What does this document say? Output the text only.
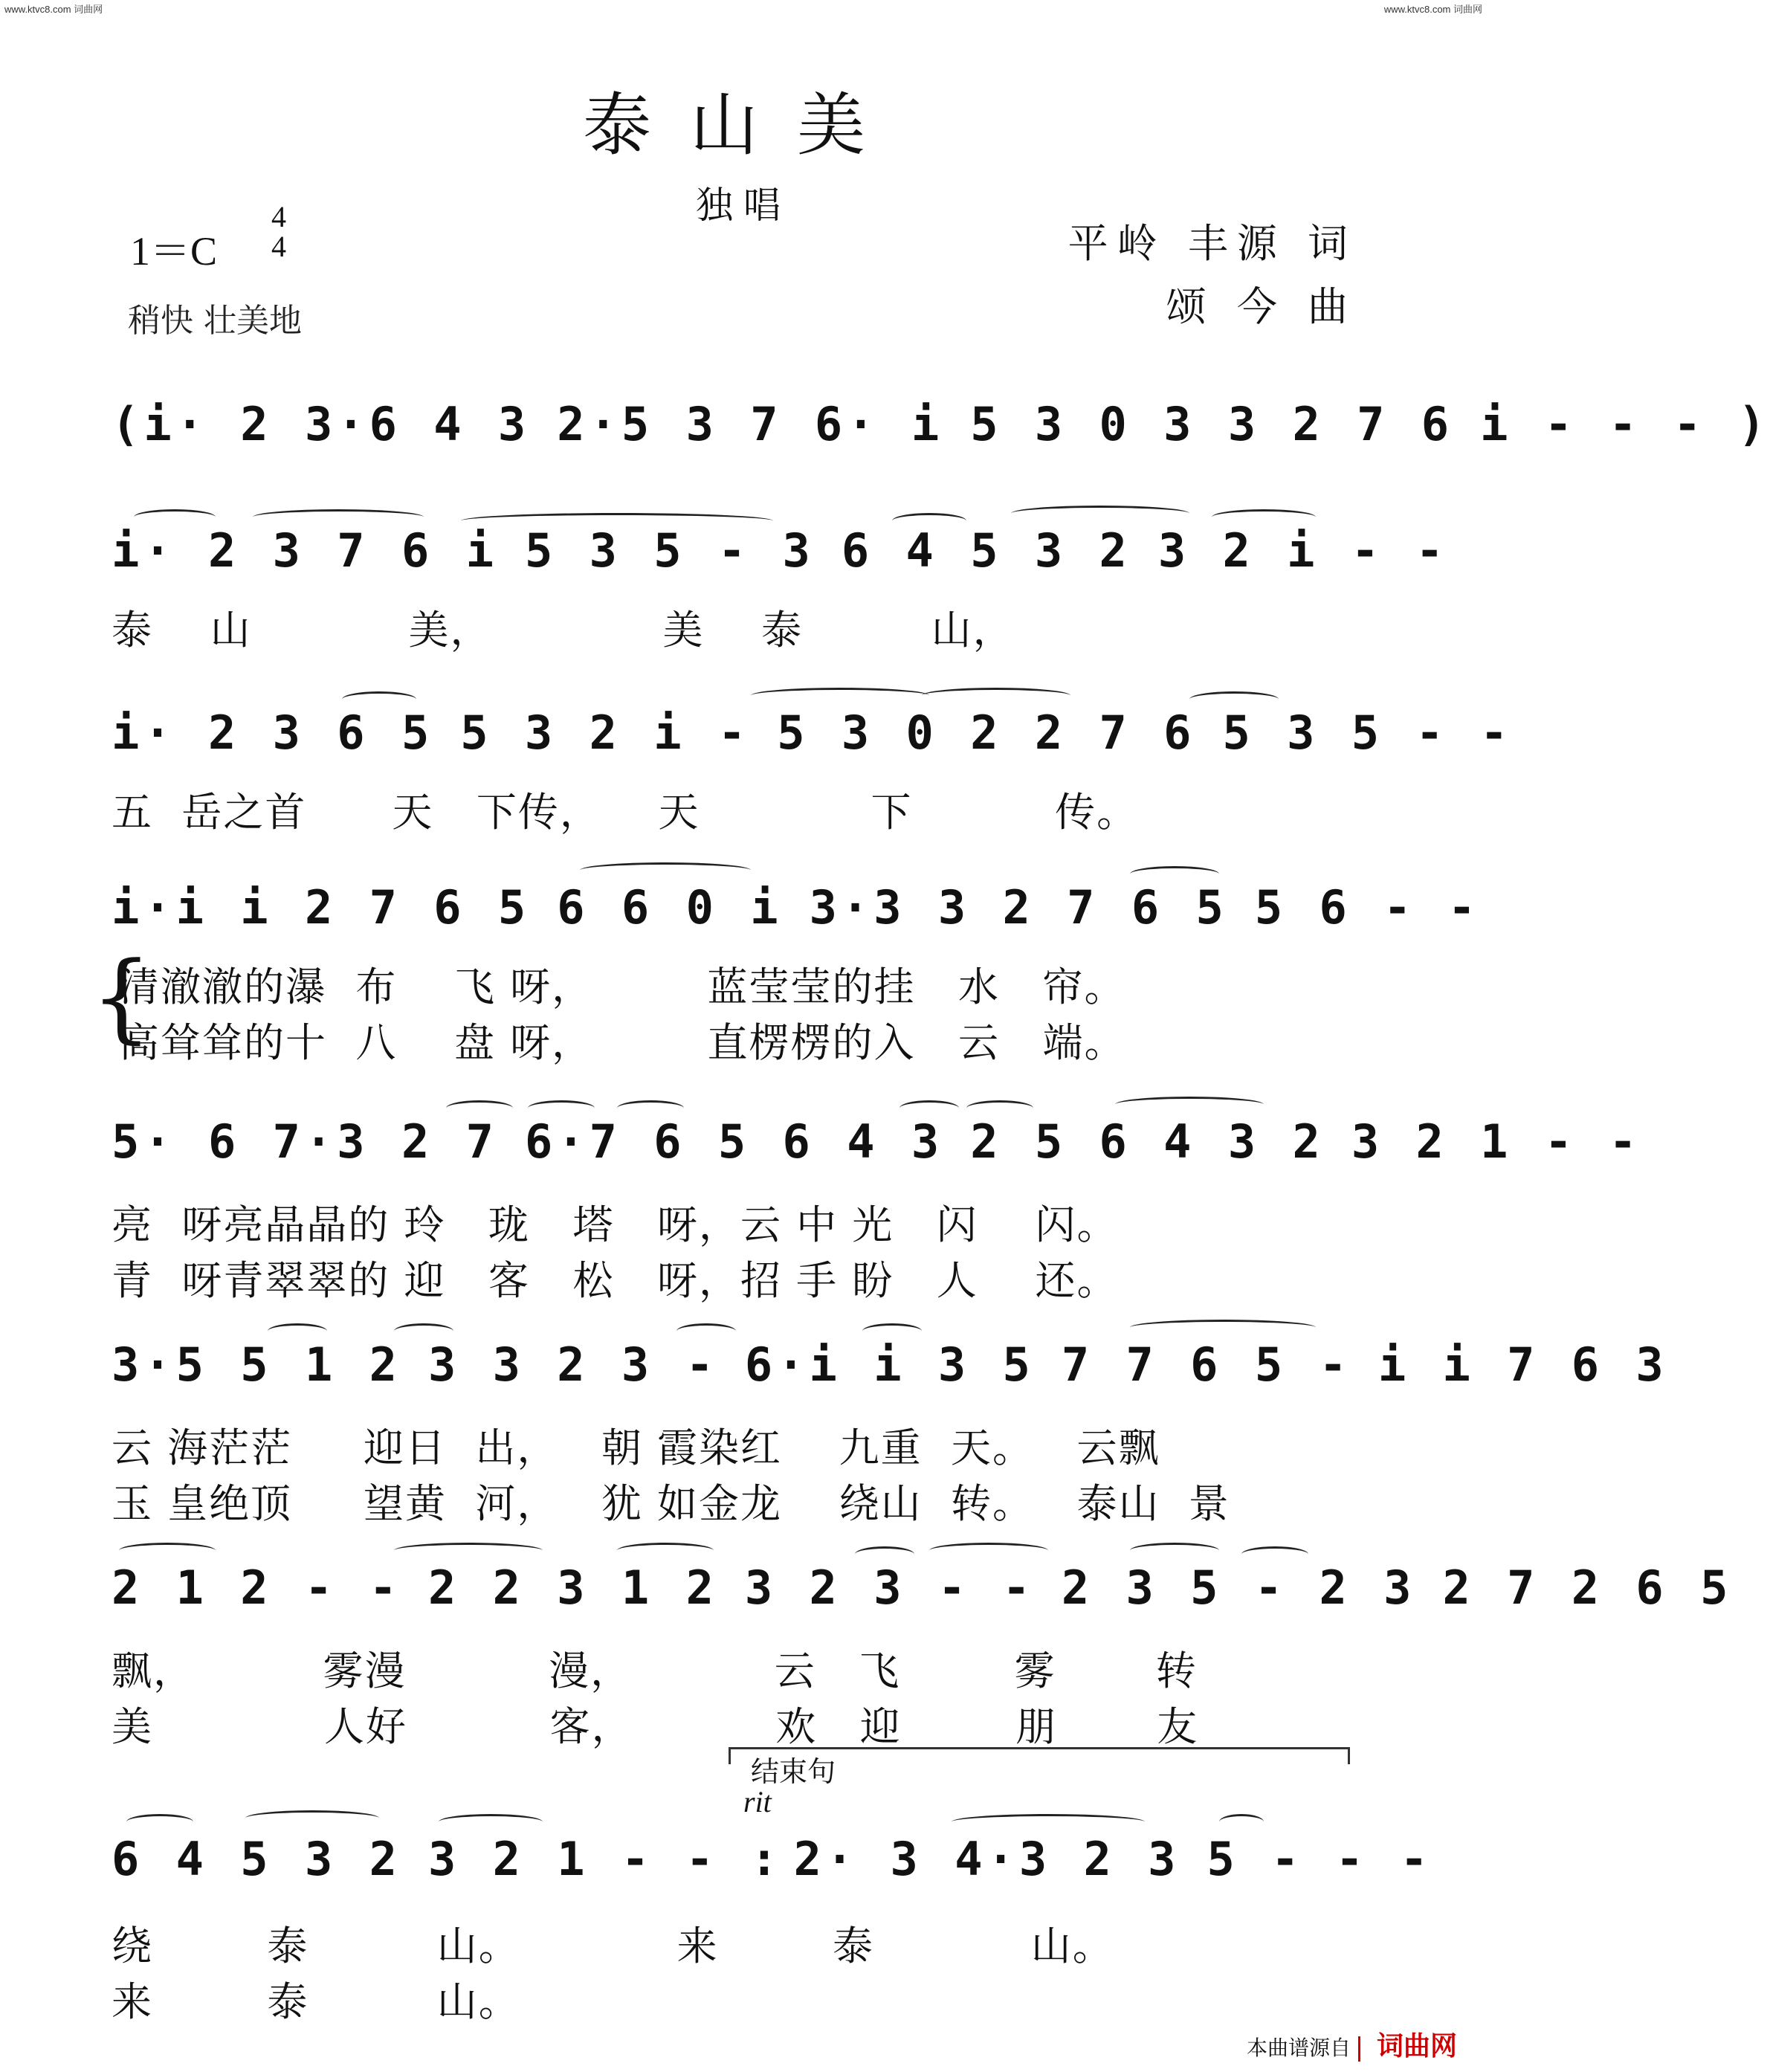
www.ktvc8.com 词曲网	www.ktvc8.com 词曲网
泰山美
独唱
1＝C
4
4
稍快 壮美地
平岭 丰源 词
颂 今 曲
(i· 2 3·6 4 3 2·5 3 7 6· i 5 3 0 3 3 2 7 6 i - - - )
i· 2 3 7 6 i 5 3 5 - 3 6 4 5 3 2 3 2 i - -
泰    山           美，            美    泰         山，
i· 2 3 6 5 5 3 2 i - 5 3 0 2 2 7 6 5 3 5 - -
五  岳之首      天   下传，    天            下          传。
i·i i 2 7 6 5 6 6 0 i 3·3 3 2 7 6 5 5 6 - -
{
清澈澈的瀑  布    飞 呀，        蓝莹莹的挂   水   帘。
高耸耸的十  八    盘 呀，        直楞楞的入   云   端。
5· 6 7·3 2 7 6·7 6 5 6 4 3 2 5 6 4 3 2 3 2 1 - -
亮  呀亮晶晶的 玲   珑   塔   呀，云 中 光   闪    闪。
青  呀青翠翠的 迎   客   松   呀，招 手 盼   人    还。
3·5 5 1 2 3 3 2 3 - 6·i i 3 5 7 7 6 5 - i i 7 6 3
云 海茫茫     迎日  出，   朝 霞染红    九重  天。   云飘
玉 皇绝顶     望黄  河，   犹 如金龙    绕山  转。   泰山  景
2 1 2 - - 2 2 3 1 2 3 2 3 - - 2 3 5 - 2 3 2 7 2 6 5
飘，         雾漫          漫，          云   飞        雾       转
美            人好          客，          欢   迎        朋       友
结束句
rit
6 4 5 3 2 3 2 1 - - : 2· 3 4·3 2 3 5 - - -
绕        泰         山。           来        泰           山。
来        泰         山。
本曲谱源自 词曲网
